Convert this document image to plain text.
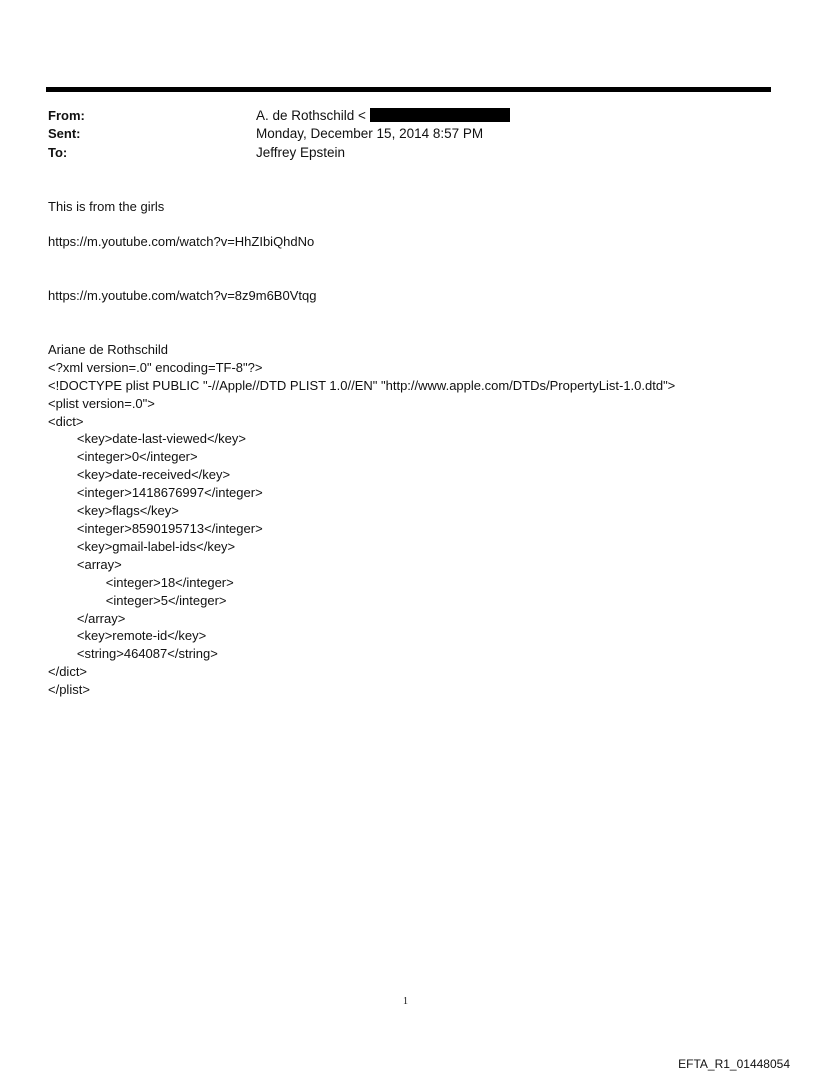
From:	A. de Rothschild <
Sent:	Monday, December 15, 2014 8:57 PM
To:	Jeffrey Epstein
This is from the girls
https://m.youtube.com/watch?v=HhZIbiQhdNo
https://m.youtube.com/watch?v=8z9m6B0Vtqg
Ariane de Rothschild
<?xml version=.0" encoding=TF-8"?>
<!DOCTYPE plist PUBLIC "-//Apple//DTD PLIST 1.0//EN" "http://www.apple.com/DTDs/PropertyList-1.0.dtd">
<plist version=.0">
<dict>
<key>date-last-viewed</key>
<integer>0</integer>
<key>date-received</key>
<integer>1418676997</integer>
<key>flags</key>
<integer>8590195713</integer>
<key>gmail-label-ids</key>
<array>
<integer>18</integer>
<integer>5</integer>
</array>
<key>remote-id</key>
<string>464087</string>
</dict>
</plist>
1
EFTA_R1_01448054
